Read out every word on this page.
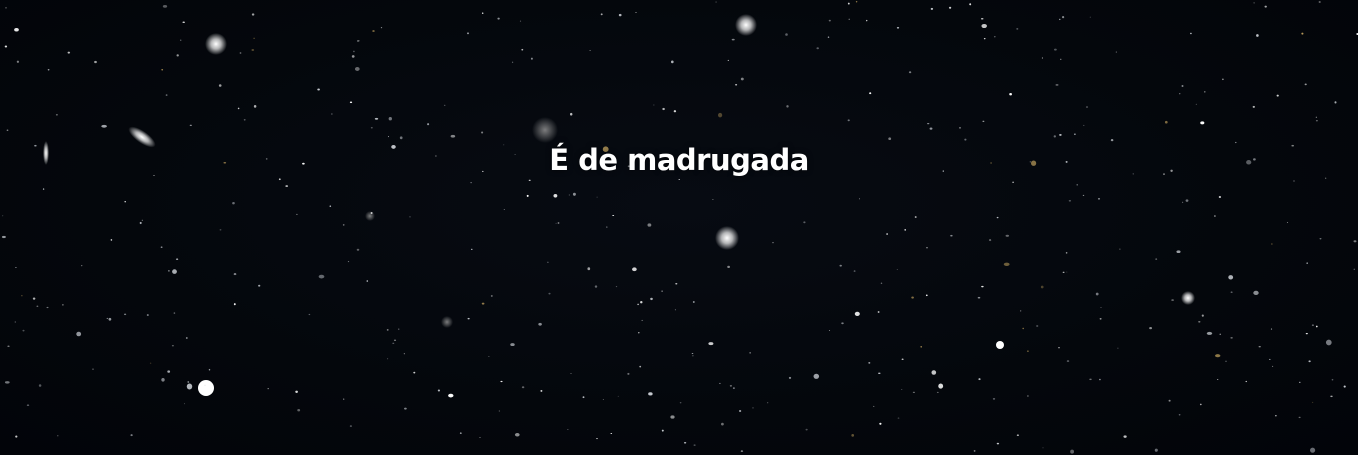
É de madrugada
